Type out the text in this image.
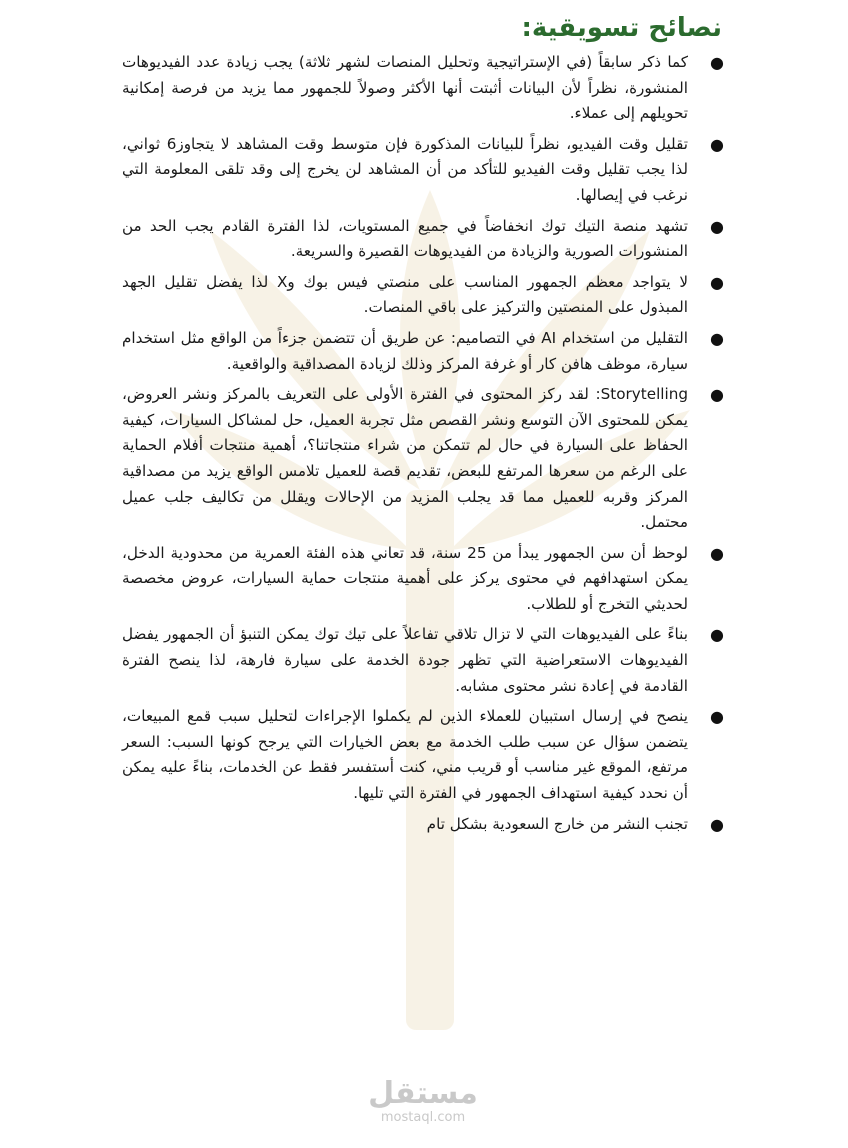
نصائح تسويقية:
●
كما ذكر سابقاً (في الإستراتيجية وتحليل المنصات لشهر ثلاثة) يجب زيادة عدد الفيديوهات المنشورة، نظراً لأن البيانات أثبتت أنها الأكثر وصولاً للجمهور مما يزيد من فرصة إمكانية تحويلهم إلى عملاء.
●
تقليل وقت الفيديو، نظراً للبيانات المذكورة فإن متوسط وقت المشاهد لا يتجاوز6 ثواني، لذا يجب تقليل وقت الفيديو للتأكد من أن المشاهد لن يخرج إلى وقد تلقى المعلومة التي نرغب في إيصالها.
●
تشهد منصة التيك توك انخفاضاً في جميع المستويات، لذا الفترة القادم يجب الحد من المنشورات الصورية والزيادة من الفيديوهات القصيرة والسريعة.
●
لا يتواجد معظم الجمهور المناسب على منصتي فيس بوك وX لذا يفضل تقليل الجهد المبذول على المنصتين والتركيز على باقي المنصات.
●
التقليل من استخدام AI في التصاميم: عن طريق أن تتضمن جزءاً من الواقع مثل استخدام سيارة، موظف هافن كار أو غرفة المركز وذلك لزيادة المصداقية والواقعية.
●
Storytelling: لقد ركز المحتوى في الفترة الأولى على التعريف بالمركز ونشر العروض، يمكن للمحتوى الآن التوسع ونشر القصص مثل تجربة العميل، حل لمشاكل السيارات، كيفية الحفاظ على السيارة في حال لم تتمكن من شراء منتجاتنا؟، أهمية منتجات أفلام الحماية على الرغم من سعرها المرتفع للبعض، تقديم قصة للعميل تلامس الواقع يزيد من مصداقية المركز وقربه للعميل مما قد يجلب المزيد من الإحالات ويقلل من تكاليف جلب عميل محتمل.
●
لوحظ أن سن الجمهور يبدأ من 25 سنة، قد تعاني هذه الفئة العمرية من محدودية الدخل، يمكن استهدافهم في محتوى يركز على أهمية منتجات حماية السيارات، عروض مخصصة لحديثي التخرج أو للطلاب.
●
بناءً على الفيديوهات التي لا تزال تلاقي تفاعلاً على تيك توك يمكن التنبؤ أن الجمهور يفضل الفيديوهات الاستعراضية التي تظهر جودة الخدمة على سيارة فارهة، لذا ينصح الفترة القادمة في إعادة نشر محتوى مشابه.
●
ينصح في إرسال استبيان للعملاء الذين لم يكملوا الإجراءات لتحليل سبب قمع المبيعات، يتضمن سؤال عن سبب طلب الخدمة مع بعض الخيارات التي يرجح كونها السبب: السعر مرتفع، الموقع غير مناسب أو قريب مني، كنت أستفسر فقط عن الخدمات، بناءً عليه يمكن أن نحدد كيفية استهداف الجمهور في الفترة التي تليها.
●
تجنب النشر من خارج السعودية بشكل تام
مستقل
mostaql.com
